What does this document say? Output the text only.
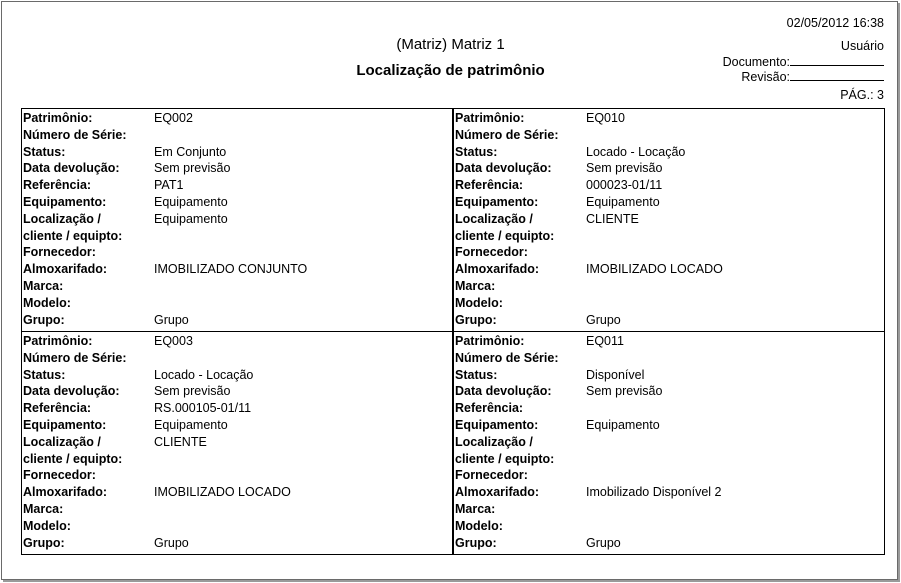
02/05/2012 16:38
Usuário
Documento:
Revisão:
PÁG.: 3
(Matriz) Matriz 1
Localização de patrimônio
Patrimônio:	EQ002
Número de Série:
Status:	Em Conjunto
Data devolução:	Sem previsão
Referência:	PAT1
Equipamento:	Equipamento
Localização /	Equipamento
cliente / equipto:
Fornecedor:
Almoxarifado:	IMOBILIZADO CONJUNTO
Marca:
Modelo:
Grupo:	Grupo
Patrimônio:	EQ010
Número de Série:
Status:	Locado - Locação
Data devolução:	Sem previsão
Referência:	000023-01/11
Equipamento:	Equipamento
Localização /	CLIENTE
cliente / equipto:
Fornecedor:
Almoxarifado:	IMOBILIZADO LOCADO
Marca:
Modelo:
Grupo:	Grupo
Patrimônio:	EQ003
Número de Série:
Status:	Locado - Locação
Data devolução:	Sem previsão
Referência:	RS.000105-01/11
Equipamento:	Equipamento
Localização /	CLIENTE
cliente / equipto:
Fornecedor:
Almoxarifado:	IMOBILIZADO LOCADO
Marca:
Modelo:
Grupo:	Grupo
Patrimônio:	EQ011
Número de Série:
Status:	Disponível
Data devolução:	Sem previsão
Referência:
Equipamento:	Equipamento
Localização /
cliente / equipto:
Fornecedor:
Almoxarifado:	Imobilizado Disponível 2
Marca:
Modelo:
Grupo:	Grupo
